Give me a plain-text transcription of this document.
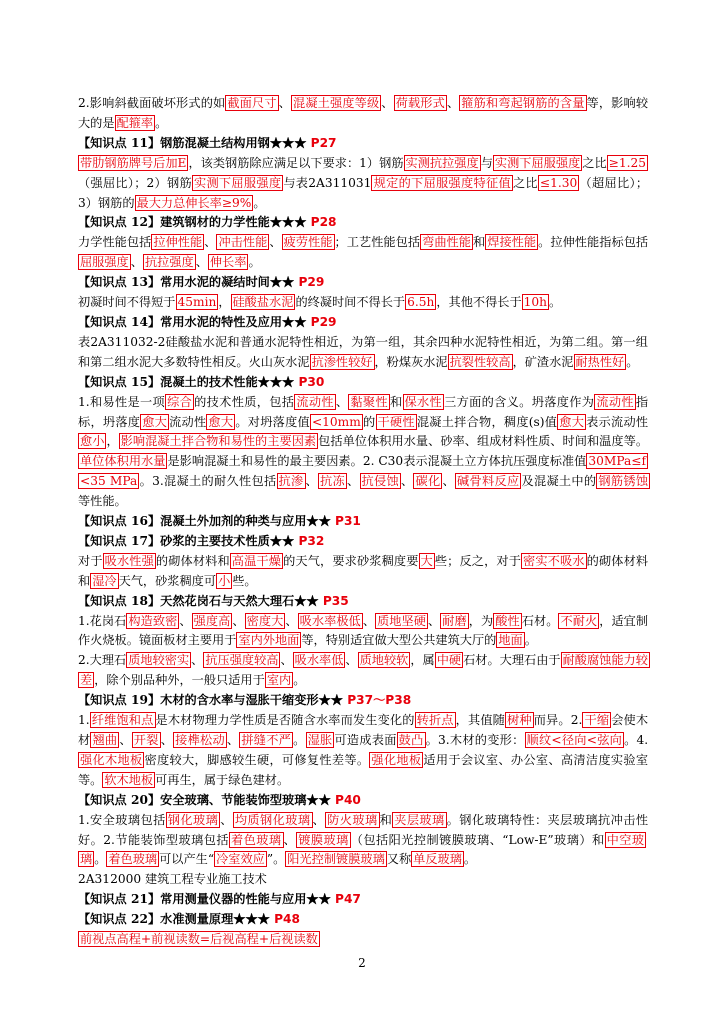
2.影响斜截面破坏形式的如 截面尺寸 、 混凝土强度等级 、 荷载形式 、 箍筋和弯起钢筋的含量 等，影响较大的是 配箍率 。
【知识点 11】钢筋混凝土结构用钢★★★ P27
带肋钢筋牌号后加E ，该类钢筋除应满足以下要求：1）钢筋 实测抗拉强度 与 实测下屈服强度 之比 ≥1.25（强屈比）；2）钢筋 实测下屈服强度 与表2A311031 规定的下屈服强度特征值 之比 ≤1.30 （超屈比）；3）钢筋的 最大力总伸长率≥9% 。
【知识点 12】建筑钢材的力学性能★★★ P28
力学性能包括 拉伸性能 、 冲击性能 、 疲劳性能 ；工艺性能包括 弯曲性能 和 焊接性能 。拉伸性能指标包括屈服强度 、 抗拉强度 、 伸长率 。
【知识点 13】常用水泥的凝结时间★★ P29
初凝时间不得短于 45min ， 硅酸盐水泥 的终凝时间不得长于 6.5h ，其他不得长于 10h 。
【知识点 14】常用水泥的特性及应用★★ P29
表2A311032-2硅酸盐水泥和普通水泥特性相近，为第一组，其余四种水泥特性相近，为第二组。第一组和第二组水泥大多数特性相反。火山灰水泥 抗渗性较好 ，粉煤灰水泥 抗裂性较高 ，矿渣水泥 耐热性好 。
【知识点 15】混凝土的技术性能★★★ P30
1.和易性是一项 综合 的技术性质，包括 流动性 、 黏聚性 和 保水性 三方面的含义。坍落度作为 流动性 指标，坍落度 愈大 流动性 愈大 。对坍落度值 <10mm 的 干硬性 混凝土拌合物，稠度(s)值 愈大 表示流动性愈小 ， 影响混凝土拌合物和易性的主要因素 包括单位体积用水量、砂率、组成材料性质、时间和温度等。单位体积用水量 是影响混凝土和易性的最主要因素。2. C30表示混凝土立方体抗压强度标准值 30MPa≤f<35 MPa 。3.混凝土的耐久性包括 抗渗 、 抗冻 、 抗侵蚀 、 碳化 、 碱骨料反应 及混凝土中的 钢筋锈蚀等性能。
【知识点 16】混凝土外加剂的种类与应用★★ P31
【知识点 17】砂浆的主要技术性质★★ P32
对于 吸水性强 的砌体材料和 高温干燥 的天气，要求砂浆稠度要 大 些；反之，对于 密实不吸水 的砌体材料和 湿冷 天气，砂浆稠度可 小 些。
【知识点 18】天然花岗石与天然大理石★★ P35
1.花岗石 构造致密 、 强度高 、 密度大 、 吸水率极低 、 质地坚硬 、 耐磨 ，为 酸性 石材。 不耐火 ，适宜制作火烧板。镜面板材主要用于 室内外地面 等，特别适宜做大型公共建筑大厅的 地面 。
2.大理石 质地较密实 、 抗压强度较高 、 吸水率低 、 质地较软 ，属 中硬 石材。大理石由于 耐酸腐蚀能力较差 ，除个别品种外，一般只适用于 室内 。
【知识点 19】木材的含水率与湿胀干缩变形★★ P37～P38
1. 纤维饱和点 是木材物理力学性质是否随含水率而发生变化的 转折点 ，其值随 树种 而异。2. 干缩 会使木材 翘曲 、 开裂 、 接榫松动 、 拼缝不严 。 湿胀 可造成表面 鼓凸 。3.木材的变形： 顺纹<径向<弦向 。4.强化木地板 密度较大，脚感较生硬，可修复性差等。 强化地板 适用于会议室、办公室、高清洁度实验室等。 软木地板 可再生，属于绿色建材。
【知识点 20】安全玻璃、节能装饰型玻璃★★ P40
1.安全玻璃包括 钢化玻璃 、 均质钢化玻璃 、 防火玻璃 和 夹层玻璃 。钢化玻璃特性：夹层玻璃抗冲击性好。2.节能装饰型玻璃包括 着色玻璃 、 镀膜玻璃 （包括阳光控制镀膜玻璃、“Low-E”玻璃）和 中空玻璃 。 着色玻璃 可以产生“ 冷室效应 ”。 阳光控制镀膜玻璃 又称 单反玻璃 。
2A312000 建筑工程专业施工技术
【知识点 21】常用测量仪器的性能与应用★★ P47
【知识点 22】水准测量原理★★★ P48
前视点高程+前视读数=后视高程+后视读数
2
